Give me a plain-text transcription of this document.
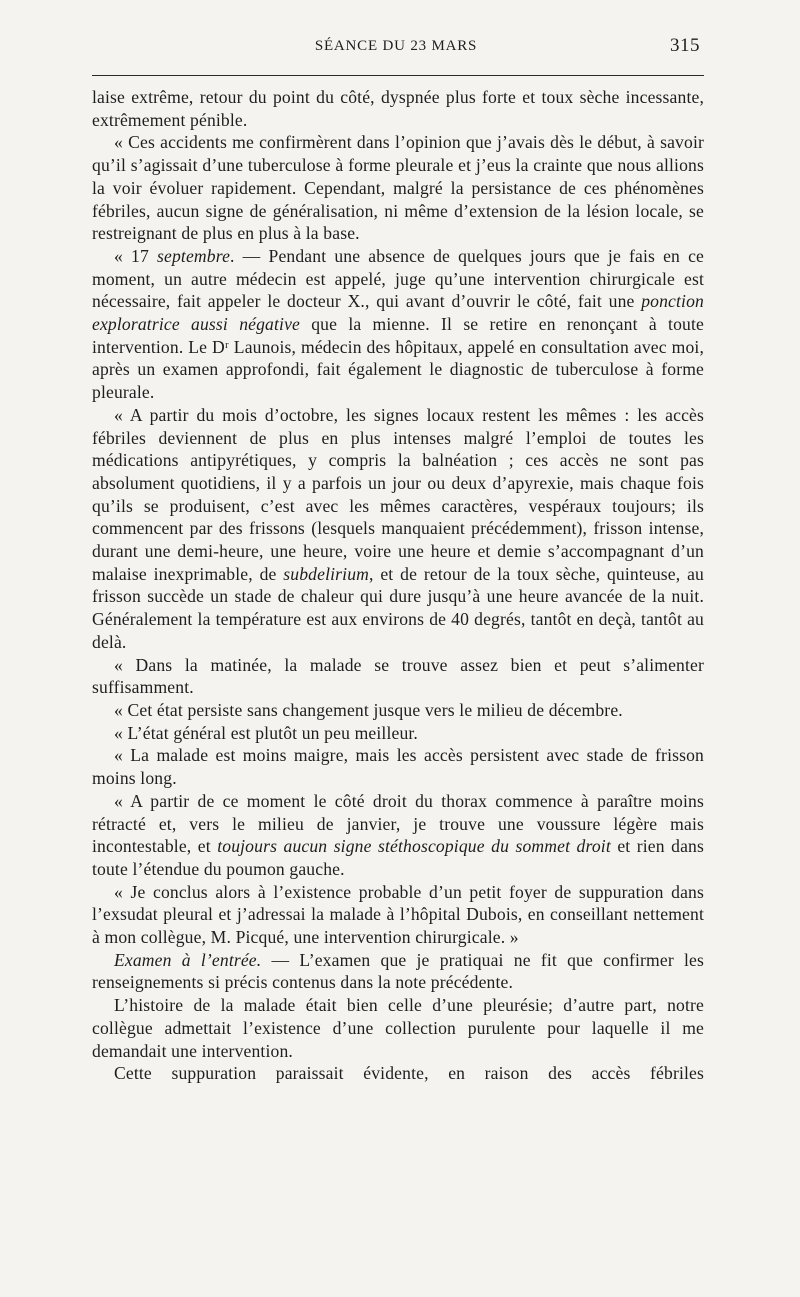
SÉANCE DU 23 MARS	315

laise extrême, retour du point du côté, dyspnée plus forte et toux sèche incessante, extrêmement pénible.

« Ces accidents me confirmèrent dans l’opinion que j’avais dès le début, à savoir qu’il s’agissait d’une tuberculose à forme pleurale et j’eus la crainte que nous allions la voir évoluer rapidement. Cependant, malgré la persistance de ces phénomènes fébriles, aucun signe de généralisation, ni même d’extension de la lésion locale, se restreignant de plus en plus à la base.

« 17 septembre. — Pendant une absence de quelques jours que je fais en ce moment, un autre médecin est appelé, juge qu’une intervention chirurgicale est nécessaire, fait appeler le docteur X., qui avant d’ouvrir le côté, fait une ponction exploratrice aussi négative que la mienne. Il se retire en renonçant à toute intervention. Le Dʳ Launois, médecin des hôpitaux, appelé en consultation avec moi, après un examen approfondi, fait également le diagnostic de tuberculose à forme pleurale.

« A partir du mois d’octobre, les signes locaux restent les mêmes : les accès fébriles deviennent de plus en plus intenses malgré l’emploi de toutes les médications antipyrétiques, y compris la balnéation ; ces accès ne sont pas absolument quotidiens, il y a parfois un jour ou deux d’apyrexie, mais chaque fois qu’ils se produisent, c’est avec les mêmes caractères, vespéraux toujours; ils commencent par des frissons (lesquels manquaient précédemment), frisson intense, durant une demi-heure, une heure, voire une heure et demie s’accompagnant d’un malaise inexprimable, de subdelirium, et de retour de la toux sèche, quinteuse, au frisson succède un stade de chaleur qui dure jusqu’à une heure avancée de la nuit. Généralement la température est aux environs de 40 degrés, tantôt en deçà, tantôt au delà.

« Dans la matinée, la malade se trouve assez bien et peut s’alimenter suffisamment.

« Cet état persiste sans changement jusque vers le milieu de décembre.

« L’état général est plutôt un peu meilleur.

« La malade est moins maigre, mais les accès persistent avec stade de frisson moins long.

« A partir de ce moment le côté droit du thorax commence à paraître moins rétracté et, vers le milieu de janvier, je trouve une voussure légère mais incontestable, et toujours aucun signe stéthoscopique du sommet droit et rien dans toute l’étendue du poumon gauche.

« Je conclus alors à l’existence probable d’un petit foyer de suppuration dans l’exsudat pleural et j’adressai la malade à l’hôpital Dubois, en conseillant nettement à mon collègue, M. Picqué, une intervention chirurgicale. »

Examen à l’entrée. — L’examen que je pratiquai ne fit que confirmer les renseignements si précis contenus dans la note précédente.

L’histoire de la malade était bien celle d’une pleurésie; d’autre part, notre collègue admettait l’existence d’une collection purulente pour laquelle il me demandait une intervention.

Cette suppuration paraissait évidente, en raison des accès fébriles
